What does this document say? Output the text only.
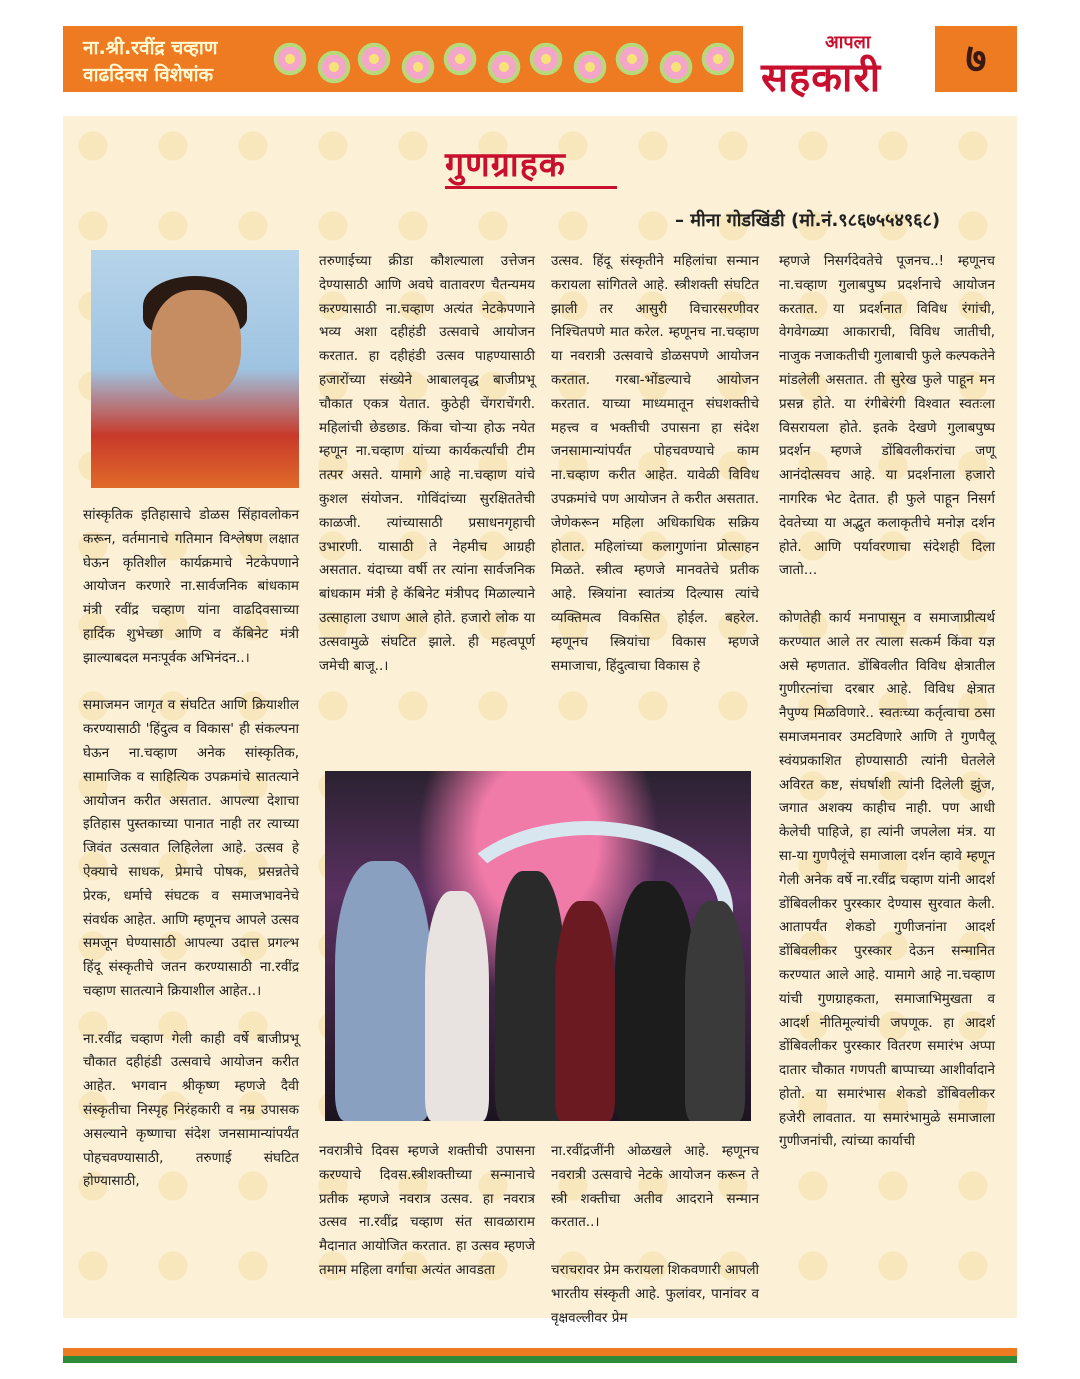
ना.श्री.रवींद्र चव्हाण
वाढदिवस विशेषांक
आपला
सहकारी	७
गुणग्राहक
– मीना गोडखिंडी (मो.नं.९८६७५५४९६८)
सांस्कृतिक इतिहासाचे डोळस सिंहावलोकन करून, वर्तमानाचे गतिमान विश्लेषण लक्षात घेऊन कृतिशील कार्यक्रमाचे नेटकेपणाने आयोजन करणारे ना.सार्वजनिक बांधकाम मंत्री रवींद्र चव्हाण यांना वाढदिवसाच्या हार्दिक शुभेच्छा आणि व कॅबिनेट मंत्री झाल्याबदल मनःपूर्वक अभिनंदन..।

समाजमन जागृत व संघटित आणि क्रियाशील करण्यासाठी 'हिंदुत्व व विकास' ही संकल्पना घेऊन ना.चव्हाण अनेक सांस्कृतिक, सामाजिक व साहित्यिक उपक्रमांचे सातत्याने आयोजन करीत असतात. आपल्या देशाचा इतिहास पुस्तकाच्या पानात नाही तर त्याच्या जिवंत उत्सवात लिहिलेला आहे. उत्सव हे ऐक्याचे साधक, प्रेमाचे पोषक, प्रसन्नतेचे प्रेरक, धर्माचे संघटक व समाजभावनेचे संवर्धक आहेत. आणि म्हणूनच आपले उत्सव समजून घेण्यासाठी आपल्या उदात्त प्रगल्भ हिंदू संस्कृतीचे जतन करण्यासाठी ना.रवींद्र चव्हाण सातत्याने क्रियाशील आहेत..।

ना.रवींद्र चव्हाण गेली काही वर्षे बाजीप्रभू चौकात दहीहंडी उत्सवाचे आयोजन करीत आहेत. भगवान श्रीकृष्ण म्हणजे दैवी संस्कृतीचा निस्पृह निरंहकारी व नम्र उपासक असल्याने कृष्णाचा संदेश जनसामान्यांपर्यंत पोहचवण्यासाठी, तरुणाई संघटित होण्यासाठी,
तरुणाईच्या क्रीडा कौशल्याला उत्तेजन देण्यासाठी आणि अवघे वातावरण चैतन्यमय करण्यासाठी ना.चव्हाण अत्यंत नेटकेपणाने भव्य अशा दहीहंडी उत्सवाचे आयोजन करतात. हा दहीहंडी उत्सव पाहण्यासाठी हजारोंच्या संख्येने आबालवृद्ध बाजीप्रभू चौकात एकत्र येतात. कुठेही चेंगराचेंगरी. महिलांची छेडछाड. किंवा चोऱ्या होऊ नयेत म्हणून ना.चव्हाण यांच्या कार्यकर्त्यांची टीम तत्पर असते. यामागे आहे ना.चव्हाण यांचे कुशल संयोजन. गोविंदांच्या सुरक्षिततेची काळजी. त्यांच्यासाठी प्रसाधनगृहाची उभारणी. यासाठी ते नेहमीच आग्रही असतात. यंदाच्या वर्षी तर त्यांना सार्वजनिक बांधकाम मंत्री हे कॅबिनेट मंत्रीपद मिळाल्याने उत्साहाला उधाण आले होते. हजारो लोक या उत्सवामुळे संघटित झाले. ही महत्वपूर्ण जमेची बाजू..।
उत्सव. हिंदू संस्कृतीने महिलांचा सन्मान करायला सांगितले आहे. स्त्रीशक्ती संघटित झाली तर आसुरी विचारसरणीवर निश्चितपणे मात करेल. म्हणूनच ना.चव्हाण या नवरात्री उत्सवाचे डोळसपणे आयोजन करतात. गरबा-भोंडल्याचे आयोजन करतात. याच्या माध्यमातून संघशक्तीचे महत्त्व व भक्तीची उपासना हा संदेश जनसामान्यांपर्यंत पोहचवण्याचे काम ना.चव्हाण करीत आहेत. यावेळी विविध उपक्रमांचे पण आयोजन ते करीत असतात. जेणेकरून महिला अधिकाधिक सक्रिय होतात. महिलांच्या कलागुणांना प्रोत्साहन मिळते. स्त्रीत्व म्हणजे मानवतेचे प्रतीक आहे. स्त्रियांना स्वातंत्र्य दिल्यास त्यांचे व्यक्तिमत्व विकसित होईल. बहरेल. म्हणूनच स्त्रियांचा विकास म्हणजे समाजाचा, हिंदुत्वाचा विकास हे
नवरात्रीचे दिवस म्हणजे शक्तीची उपासना करण्याचे दिवस.स्त्रीशक्तीच्या सन्मानाचे प्रतीक म्हणजे नवरात्र उत्सव. हा नवरात्र उत्सव ना.रवींद्र चव्हाण संत सावळाराम मैदानात आयोजित करतात. हा उत्सव म्हणजे तमाम महिला वर्गाचा अत्यंत आवडता
ना.रवींद्रजींनी ओळखले आहे. म्हणूनच नवरात्री उत्सवाचे नेटके आयोजन करून ते स्त्री शक्तीचा अतीव आदराने सन्मान करतात..।

चराचरावर प्रेम करायला शिकवणारी आपली भारतीय संस्कृती आहे. फुलांवर, पानांवर व वृक्षवल्लीवर प्रेम
म्हणजे निसर्गदेवतेचे पूजनच..! म्हणूनच ना.चव्हाण गुलाबपुष्प प्रदर्शनाचे आयोजन करतात. या प्रदर्शनात विविध रंगांची, वेगवेगळ्या आकाराची, विविध जातीची, नाजुक नजाकतीची गुलाबाची फुले कल्पकतेने मांडलेली असतात. ती सुरेख फुले पाहून मन प्रसन्न होते. या रंगीबेरंगी विश्वात स्वतःला विसरायला होते. इतके देखणे गुलाबपुष्प प्रदर्शन म्हणजे डोंबिवलीकरांचा जणू आनंदोत्सवच आहे. या प्रदर्शनाला हजारो नागरिक भेट देतात. ही फुले पाहून निसर्ग देवतेच्या या अद्भुत कलाकृतीचे मनोज्ञ दर्शन होते. आणि पर्यावरणाचा संदेशही दिला जातो…

कोणतेही कार्य मनापासून व समाजाप्रीत्यर्थ करण्यात आले तर त्याला सत्कर्म किंवा यज्ञ असे म्हणतात. डोंबिवलीत विविध क्षेत्रातील गुणीरत्नांचा दरबार आहे. विविध क्षेत्रात नैपुण्य मिळविणारे.. स्वतःच्या कर्तृत्वाचा ठसा समाजमनावर उमटविणारे आणि ते गुणपैलू स्वंयप्रकाशित होण्यासाठी त्यांनी घेतलेले अविरत कष्ट, संघर्षाशी त्यांनी दिलेली झुंज, जगात अशक्य काहीच नाही. पण आधी केलेची पाहिजे, हा त्यांनी जपलेला मंत्र. या सा-या गुणपैलूंचे समाजाला दर्शन व्हावे म्हणून गेली अनेक वर्षे ना.रवींद्र चव्हाण यांनी आदर्श डोंबिवलीकर पुरस्कार देण्यास सुरवात केली. आतापर्यंत शेकडो गुणीजनांना आदर्श डोंबिवलीकर पुरस्कार देऊन सन्मानित करण्यात आले आहे. यामागे आहे ना.चव्हाण यांची गुणग्राहकता, समाजाभिमुखता व आदर्श नीतिमूल्यांची जपणूक. हा आदर्श डोंबिवलीकर पुरस्कार वितरण समारंभ अप्पा दातार चौकात गणपती बाप्पाच्या आशीर्वादाने होतो. या समारंभास शेकडो डोंबिवलीकर हजेरी लावतात. या समारंभामुळे समाजाला गुणीजनांची, त्यांच्या कार्याची
